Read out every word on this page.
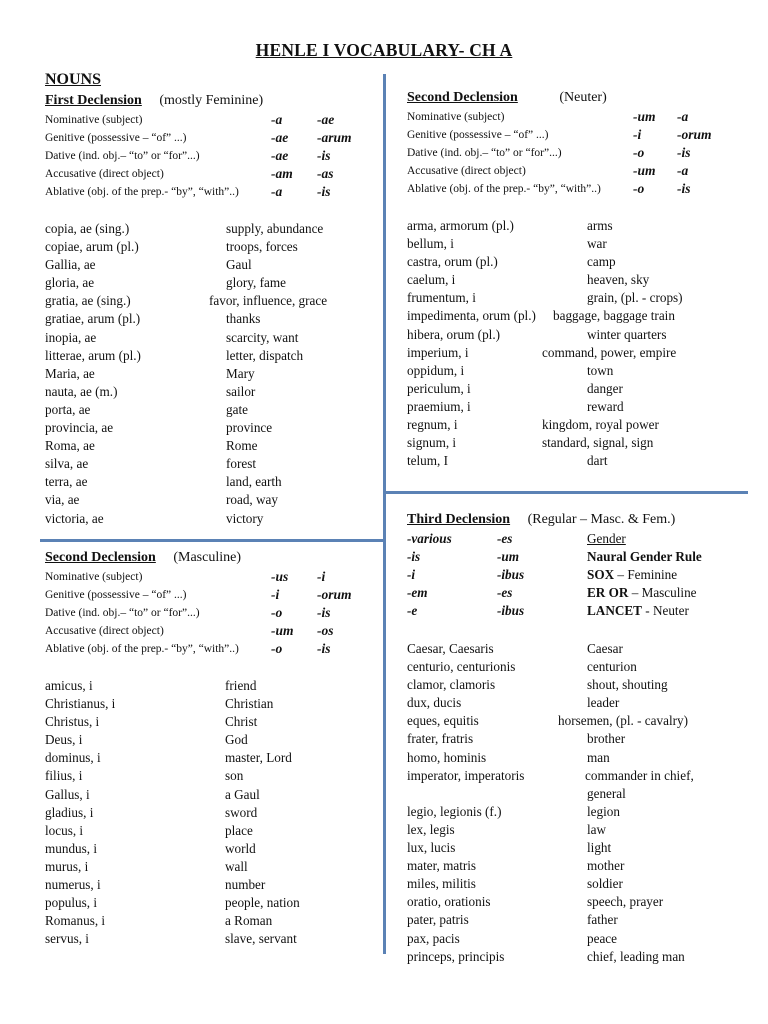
HENLE I VOCABULARY- CH A
NOUNS
First Declension (mostly Feminine)
Nominative (subject)	-a	-ae
Genitive (possessive – “of” ...)	-ae -arum
Dative (ind. obj.– “to” or “for”...)	-ae -is
Accusative (direct object)	-am -as
Ablative (obj. of the prep.- “by”, “with”..) -a	-is
copia, ae (sing.)	supply, abundance
copiae, arum (pl.)	troops, forces
Gallia, ae	Gaul
gloria, ae	glory, fame
gratia, ae (sing.)	favor, influence, grace
gratiae, arum (pl.)	thanks
inopia, ae	scarcity, want
litterae, arum (pl.)	letter, dispatch
Maria, ae	Mary
nauta, ae (m.)	sailor
porta, ae	gate
provincia, ae	province
Roma, ae	Rome
silva, ae	forest
terra, ae	land, earth
via, ae	road, way
victoria, ae	victory
Second Declension (Masculine)
Nominative (subject)	-us -i
Genitive (possessive – “of” ...)	-i	-orum
Dative (ind. obj.– “to” or “for”...)	-o	-is
Accusative (direct object)	-um -os
Ablative (obj. of the prep.- “by”, “with”..) -o	-is
amicus, i	friend
Christianus, i	Christian
Christus, i	Christ
Deus, i	God
dominus, i	master, Lord
filius, i	son
Gallus, i	a Gaul
gladius, i	sword
locus, i	place
mundus, i	world
murus, i	wall
numerus, i	number
populus, i	people, nation
Romanus, i	a Roman
servus, i	slave, servant
Second Declension	(Neuter)
Nominative (subject)	-um -a
Genitive (possessive – “of” ...)	-i	-orum
Dative (ind. obj.– “to” or “for”...)	-o -is
Accusative (direct object)	-um -a
Ablative (obj. of the prep.- “by”, “with”..) -o -is
arma, armorum (pl.)	arms
bellum, i	war
castra, orum (pl.)	camp
caelum, i	heaven, sky
frumentum, i	grain, (pl. - crops)
impedimenta, orum (pl.) baggage, baggage train
hibera, orum (pl.)	winter quarters
imperium, i	command, power, empire
oppidum, i	town
periculum, i	danger
praemium, i	reward
regnum, i	kingdom, royal power
signum, i	standard, signal, sign
telum, I	dart
Third Declension (Regular – Masc. & Fem.)
-various	-es	Gender
-is	-um	Naural Gender Rule
-i	-ibus	SOX – Feminine
-em	-es	ER OR – Masculine
-e	-ibus	LANCET - Neuter
Caesar, Caesaris	Caesar
centurio, centurionis	centurion
clamor, clamoris	shout, shouting
dux, ducis	leader
eques, equitis	horsemen, (pl. - cavalry)
frater, fratris	brother
homo, hominis	man
imperator, imperatoris	commander in chief,
general
legio, legionis (f.)	legion
lex, legis	law
lux, lucis	light
mater, matris	mother
miles, militis	soldier
oratio, orationis	speech, prayer
pater, patris	father
pax, pacis	peace
princeps, principis	chief, leading man
